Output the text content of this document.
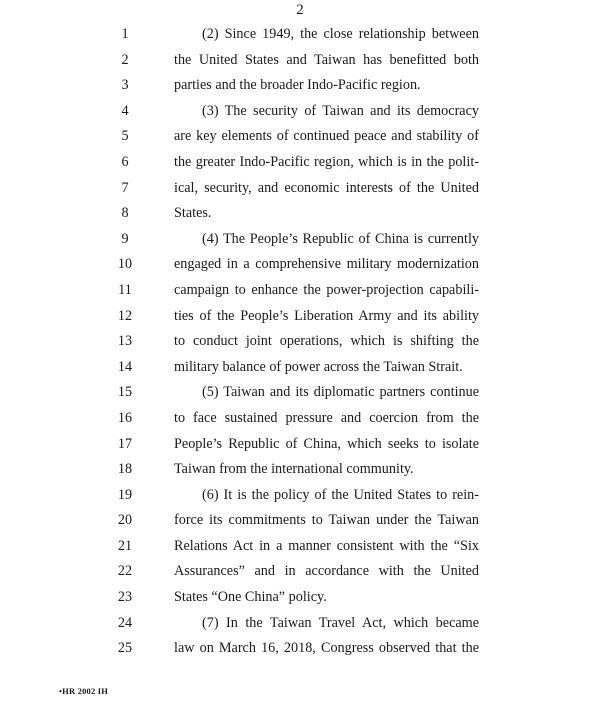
2
1	(2) Since 1949, the close relationship between
2	the United States and Taiwan has benefitted both
3	parties and the broader Indo-Pacific region.
4	(3) The security of Taiwan and its democracy
5	are key elements of continued peace and stability of
6	the greater Indo-Pacific region, which is in the polit-
7	ical, security, and economic interests of the United
8	States.
9	(4) The People’s Republic of China is currently
10	engaged in a comprehensive military modernization
11	campaign to enhance the power-projection capabili-
12	ties of the People’s Liberation Army and its ability
13	to conduct joint operations, which is shifting the
14	military balance of power across the Taiwan Strait.
15	(5) Taiwan and its diplomatic partners continue
16	to face sustained pressure and coercion from the
17	People’s Republic of China, which seeks to isolate
18	Taiwan from the international community.
19	(6) It is the policy of the United States to rein-
20	force its commitments to Taiwan under the Taiwan
21	Relations Act in a manner consistent with the “Six
22	Assurances” and in accordance with the United
23	States “One China” policy.
24	(7) In the Taiwan Travel Act, which became
25	law on March 16, 2018, Congress observed that the
•HR 2002 IH
